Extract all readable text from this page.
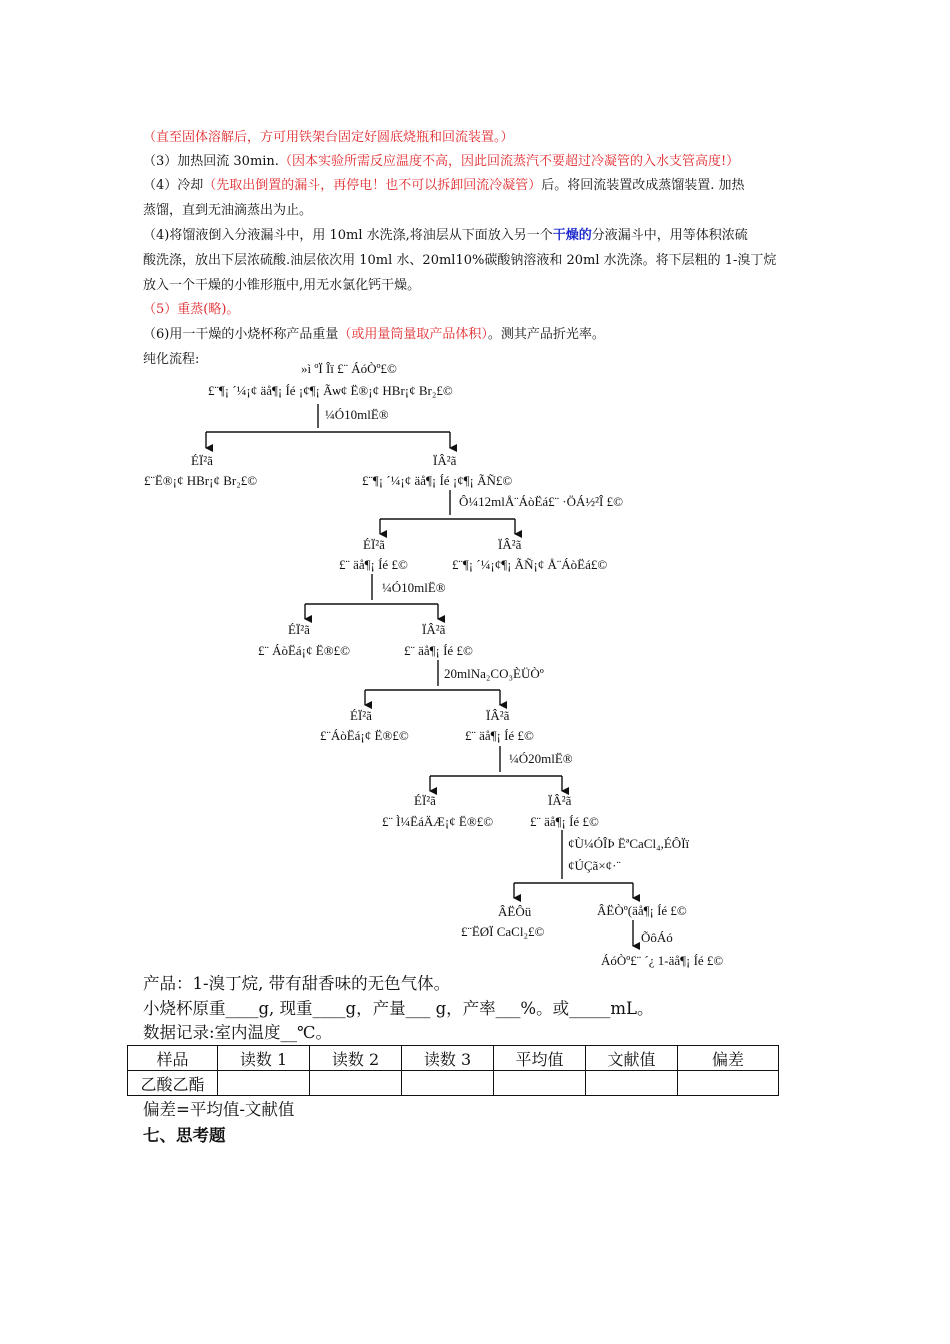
（直至固体溶解后，方可用铁架台固定好圆底烧瓶和回流装置。）
（3）加热回流 30min.（因本实验所需反应温度不高，因此回流蒸汽不要超过冷凝管的入水支管高度!）
（4）冷却（先取出倒置的漏斗，再停电！也不可以拆卸回流冷凝管）后。将回流装置改成蒸馏装置. 加热
蒸馏，直到无油滴蒸出为止。
（4)将馏液倒入分液漏斗中，用 10ml 水洗涤,将油层从下面放入另一个干燥的分液漏斗中，用等体积浓硫
酸洗涤，放出下层浓硫酸.油层依次用 10ml 水、20ml10%碳酸钠溶液和 20ml 水洗涤。将下层粗的 1-溴丁烷
放入一个干燥的小锥形瓶中,用无水氯化钙干燥。
（5）重蒸(略)。
（6)用一干燥的小烧杯称产品重量（或用量筒量取产品体积）。测其产品折光率。
纯化流程:
»ì ºÏ Îï £¨ ÁóÒº£©
£¨¶¡ ´¼¡¢ äå¶¡ Íé ¡¢¶¡ Ãѡ¢ Ë®¡¢ HBr¡¢ Br₂£©
¼Ó10mlË®
ÉÏ²ã
£¨Ë®¡¢ HBr¡¢ Br₂£©
ÏÂ²ã
£¨¶¡ ´¼¡¢ äå¶¡ Íé ¡¢¶¡ ÃÑ£©
Ô¼12mlÅ¨ÁòËá£¨ ·ÖÁ½²Î £©
ÉÏ²ã
£¨ äå¶¡ Íé £©
ÏÂ²ã
£¨¶¡ ´¼¡¢¶¡ ÃÑ¡¢ Å¨ÁòËá£©
¼Ó10mlË®
ÉÏ²ã
£¨ ÁòËá¡¢ Ë®£©
ÏÂ²ã
£¨ äå¶¡ Íé £©
20mlNa₂CO₃ÈÜÒº
ÉÏ²ã
£¨ÁòËá¡¢ Ë®£©
ÏÂ²ã
£¨ äå¶¡ Íé £©
¼Ó20mlË®
ÉÏ²ã
£¨ Ì¼ËáÄÆ¡¢ Ë®£©
ÏÂ²ã
£¨ äå¶¡ Íé £©
¢Ù¼ÓÎÞ ËªCaCl₄,ÉÔÏï
¢ÚÇã×¢·¨
ÂËÔü
£¨ËØÏ CaCl₂£©
ÂËÒº(äå¶¡ Íé £©
ÕôÁó
ÁóÒº£¨ ´¿ 1-äå¶¡ Íé £©
产品：1-溴丁烷, 带有甜香味的无色气体。
小烧杯原重____g, 现重____g，产量___ g，产率___%。或_____mL。
数据记录:室内温度__℃。
样品	读数 1	读数 2	读数 3	平均值	文献值	偏差
乙酸乙酯						
偏差=平均值-文献值
七、思考题
